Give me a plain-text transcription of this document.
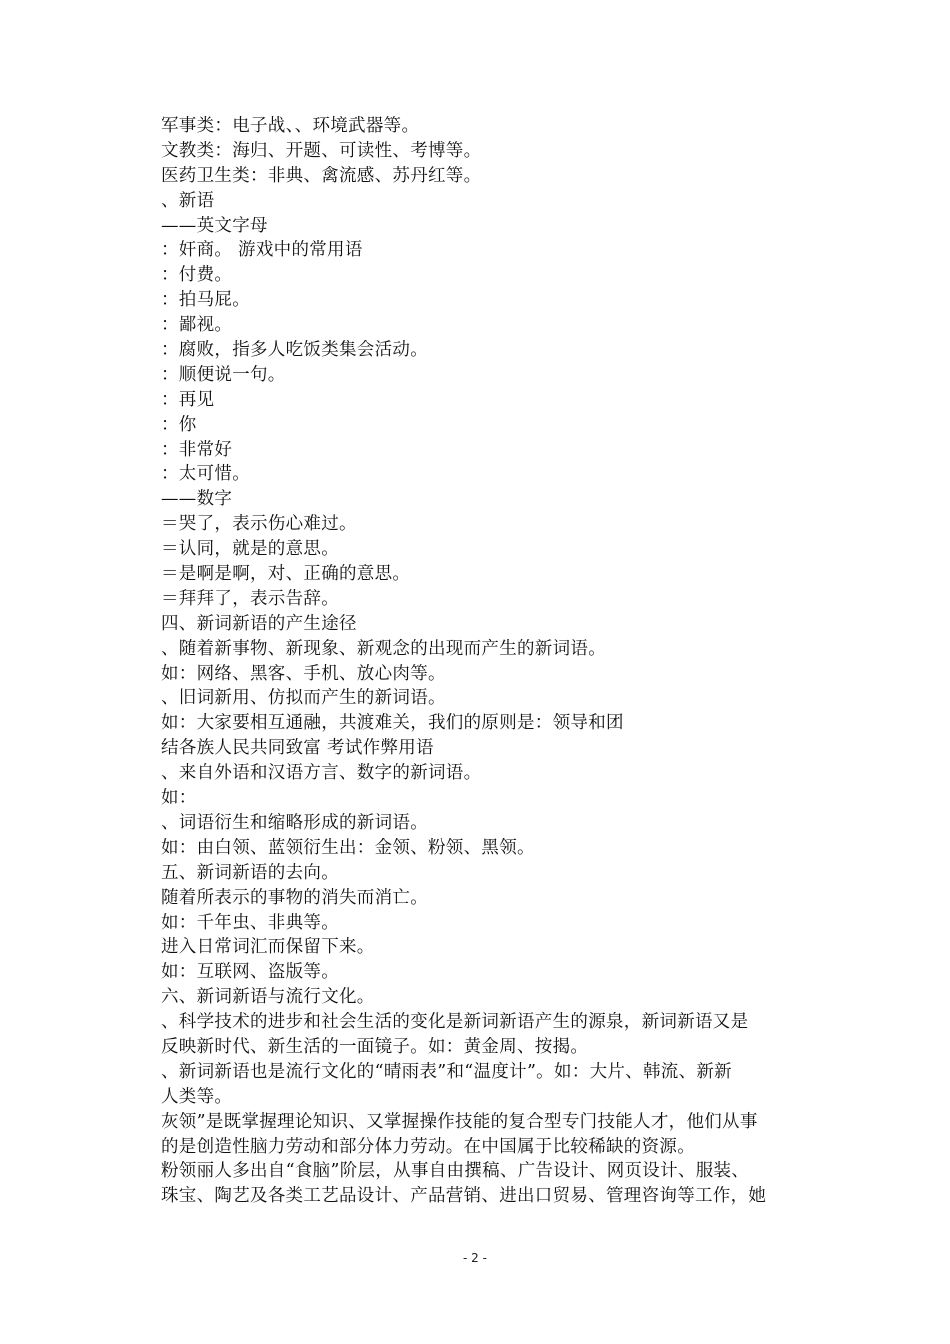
军事类：电子战、、环境武器等。
文教类：海归、开题、可读性、考博等。
医药卫生类：非典、禽流感、苏丹红等。
、新语
——英文字母
：奸商。 游戏中的常用语
：付费。
：拍马屁。
：鄙视。
：腐败，指多人吃饭类集会活动。
：顺便说一句。
：再见
：你
：非常好
：太可惜。
——数字
＝哭了，表示伤心难过。
＝认同，就是的意思。
＝是啊是啊，对、正确的意思。
＝拜拜了，表示告辞。
四、新词新语的产生途径
、随着新事物、新现象、新观念的出现而产生的新词语。
如：网络、黑客、手机、放心肉等。
、旧词新用、仿拟而产生的新词语。
如：大家要相互通融，共渡难关，我们的原则是：领导和团
结各族人民共同致富 考试作弊用语
、来自外语和汉语方言、数字的新词语。
如：
、词语衍生和缩略形成的新词语。
如：由白领、蓝领衍生出：金领、粉领、黑领。
五、新词新语的去向。
随着所表示的事物的消失而消亡。
如：千年虫、非典等。
进入日常词汇而保留下来。
如：互联网、盗版等。
六、新词新语与流行文化。
、科学技术的进步和社会生活的变化是新词新语产生的源泉，新词新语又是
反映新时代、新生活的一面镜子。如：黄金周、按揭。
、新词新语也是流行文化的“晴雨表”和“温度计”。如：大片、韩流、新新
人类等。
灰领”是既掌握理论知识、又掌握操作技能的复合型专门技能人才，他们从事
的是创造性脑力劳动和部分体力劳动。在中国属于比较稀缺的资源。
粉领丽人多出自“食脑”阶层，从事自由撰稿、广告设计、网页设计、服装、
珠宝、陶艺及各类工艺品设计、产品营销、进出口贸易、管理咨询等工作，她
- 2 -
